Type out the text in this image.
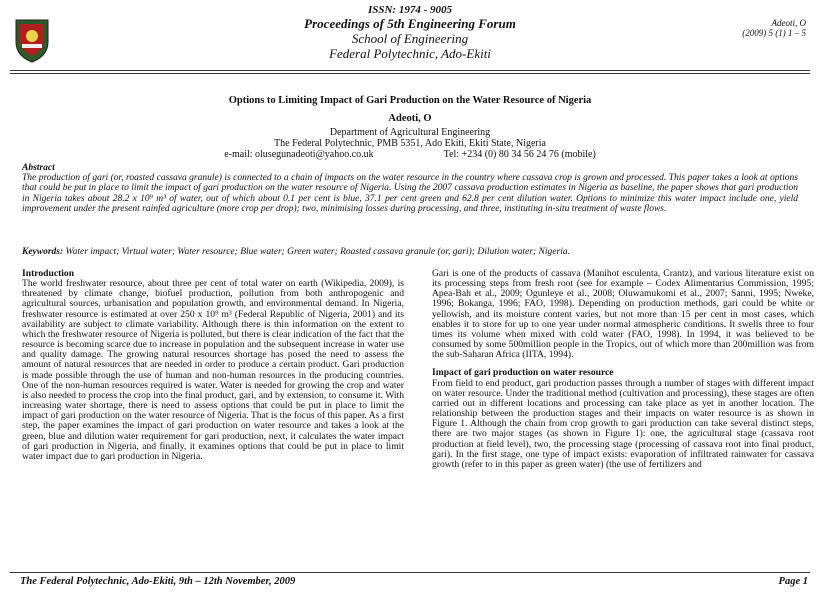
ISSN: 1974 - 9005
Proceedings of 5th Engineering Forum
School of Engineering
Federal Polytechnic, Ado-Ekiti
Adeoti, O
(2009) 5 (1) 1 – 5
Options to Limiting Impact of Gari Production on the Water Resource of Nigeria
Adeoti, O
Department of Agricultural Engineering
The Federal Polytechnic, PMB 5351, Ado Ekiti, Ekiti State, Nigeria
e-mail: olusegunadeoti@yahoo.co.uk	Tel: +234 (0) 80 34 56 24 76 (mobile)
Abstract
The production of gari (or, roasted cassava granule) is connected to a chain of impacts on the water resource in the country where cassava crop is grown and processed. This paper takes a look at options that could be put in place to limit the impact of gari production on the water resource of Nigeria. Using the 2007 cassava production estimates in Nigeria as baseline, the paper shows that gari production in Nigeria takes about 28.2 x 10⁹ m³ of water, out of which about 0.1 per cent is blue, 37.1 per cent green and 62.8 per cent dilution water. Options to minimize this water impact include one, yield improvement under the present rainfed agriculture (more crop per drop); two, minimising losses during processing, and three, instituting in-situ treatment of waste flows.
Keywords: Water impact; Virtual water; Water resource; Blue water; Green water; Roasted cassava granule (or, gari); Dilution water; Nigeria.
Introduction
The world freshwater resource, about three per cent of total water on earth (Wikipedia, 2009), is threatened by climate change, biofuel production, pollution from both anthropogenic and agricultural sources, urbanisation and population growth, and environmental demand. In Nigeria, freshwater resource is estimated at over 250 x 10⁹ m³ (Federal Republic of Nigeria, 2001) and its availability are subject to climate variability. Although there is thin information on the extent to which the freshwater resource of Nigeria is polluted, but there is clear indication of the fact that the resource is becoming scarce due to increase in population and the subsequent increase in water use and quality damage. The growing natural resources shortage has posed the need to assess the amount of natural resources that are needed in order to produce a certain product. Gari production is made possible through the use of human and non-human resources in the producing countries. One of the non-human resources required is water. Water is needed for growing the crop and water is also needed to process the crop into the final product, gari, and by extension, to consume it. With increasing water shortage, there is need to assess options that could be put in place to limit the impact of gari production on the water resource of Nigeria. That is the focus of this paper. As a first step, the paper examines the impact of gari production on water resource and takes a look at the green, blue and dilution water requirement for gari production, next, it calculates the water impact of gari production in Nigeria, and finally, it examines options that could be put in place to limit water impact due to gari production in Nigeria.
Gari is one of the products of cassava (Manihot esculenta, Crantz), and various literature exist on its processing steps from fresh root (see for example – Codex Alimentarius Commission, 1995; Apea-Bah et al., 2009; Ogunleye et al., 2008; Oluwamukomi et al., 2007; Sanni, 1995; Nweke, 1996; Bokanga, 1996; FAO, 1998). Depending on production methods, gari could be white or yellowish, and its moisture content varies, but not more than 15 per cent in most cases, which enables it to store for up to one year under normal atmospheric conditions. It swells three to four times its volume when mixed with cold water (FAO, 1998). In 1994, it was believed to be consumed by some 500million people in the Tropics, out of which more than 200million was from the sub-Saharan Africa (IITA, 1994).
Impact of gari production on water resource
From field to end product, gari production passes through a number of stages with different impact on water resource. Under the traditional method (cultivation and processing), these stages are often carried out in different locations and processing can take place as yet in another location. The relationship between the production stages and their impacts on water resource is as shown in Figure 1. Although the chain from crop growth to gari production can take several distinct steps, there are two major stages (as shown in Figure 1): one, the agricultural stage (cassava root production at field level), two, the processing stage (processing of cassava root into final product, gari). In the first stage, one type of impact exists: evaporation of infiltrated rainwater for cassava growth (refer to in this paper as green water) (the use of fertilizers and
The Federal Polytechnic, Ado-Ekiti, 9th – 12th November, 2009	Page 1
